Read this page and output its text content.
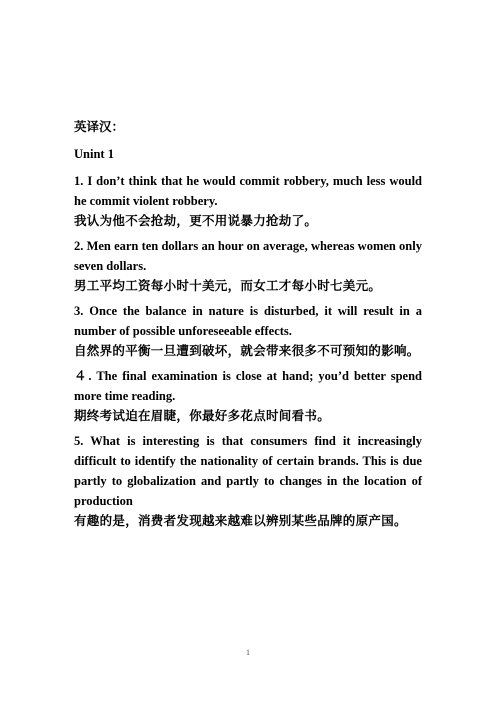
英译汉：

Unint 1

1. I don’t think that he would commit robbery, much less would he commit violent robbery.

我认为他不会抢劫，更不用说暴力抢劫了。

2. Men earn ten dollars an hour on average, whereas women only seven dollars.

男工平均工资每小时十美元，而女工才每小时七美元。

3. Once the balance in nature is disturbed, it will result in a number of possible unforeseeable effects.

自然界的平衡一旦遭到破坏，就会带来很多不可预知的影响。

４. The final examination is close at hand; you’d better spend more time reading.

期终考试迫在眉睫，你最好多花点时间看书。

5. What is interesting is that consumers find it increasingly difficult to identify the nationality of certain brands. This is due partly to globalization and partly to changes in the location of production

有趣的是，消费者发现越来越难以辨别某些品牌的原产国。

1
